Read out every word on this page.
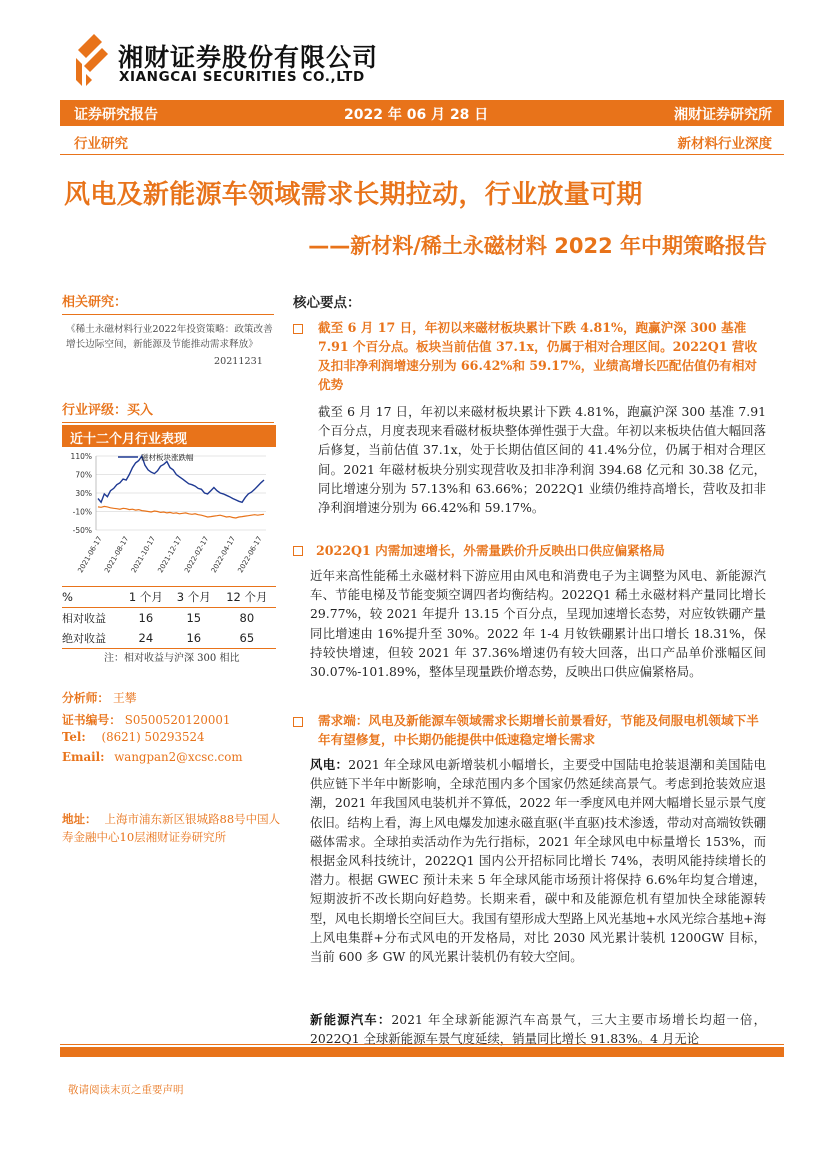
湘财证券股份有限公司
XIANGCAI SECURITIES CO.,LTD
证券研究报告	2022 年 06 月 28 日	湘财证券研究所
行业研究	新材料行业深度
风电及新能源车领域需求长期拉动，行业放量可期
——新材料/稀土永磁材料 2022 年中期策略报告
相关研究：
《稀土永磁材料行业2022年投资策略：政策改善增长边际空间，新能源及节能推动需求释放》
20211231
行业评级：买入
近十二个月行业表现
110%
70%
30%
-10%
-50%
2021-06-17 2021-08-17 2021-10-17 2021-12-17 2022-02-17 2022-04-17 2022-06-17
磁材板块涨跌幅
%	1 个月	3 个月	12 个月
相对收益	16	15	80
绝对收益	24	16	65
注：相对收益与沪深 300 相比
分析师： 王攀
证书编号： S0500520120001
Tel: (8621) 50293524
Email: wangpan2@xcsc.com
地址： 上海市浦东新区银城路88号中国人寿金融中心10层湘财证券研究所
核心要点：
截至 6 月 17 日，年初以来磁材板块累计下跌 4.81%，跑赢沪深 300 基准 7.91 个百分点。板块当前估值 37.1x，仍属于相对合理区间。2022Q1 营收及扣非净利润增速分别为 66.42%和 59.17%，业绩高增长匹配估值仍有相对优势
截至 6 月 17 日，年初以来磁材板块累计下跌 4.81%，跑赢沪深 300 基准 7.91 个百分点，月度表现来看磁材板块整体弹性强于大盘。年初以来板块估值大幅回落后修复，当前估值 37.1x，处于长期估值区间的 41.4%分位，仍属于相对合理区间。2021 年磁材板块分别实现营收及扣非净利润 394.68 亿元和 30.38 亿元，同比增速分别为 57.13%和 63.66%；2022Q1 业绩仍维持高增长，营收及扣非净利润增速分别为 66.42%和 59.17%。
2022Q1 内需加速增长，外需量跌价升反映出口供应偏紧格局
近年来高性能稀土永磁材料下游应用由风电和消费电子为主调整为风电、新能源汽车、节能电梯及节能变频空调四者均衡结构。2022Q1 稀土永磁材料产量同比增长 29.77%，较 2021 年提升 13.15 个百分点，呈现加速增长态势，对应钕铁硼产量同比增速由 16%提升至 30%。2022 年 1-4 月钕铁硼累计出口增长 18.31%，保持较快增速，但较 2021 年 37.36%增速仍有较大回落，出口产品单价涨幅区间 30.07%-101.89%，整体呈现量跌价增态势，反映出口供应偏紧格局。
需求端：风电及新能源车领域需求长期增长前景看好，节能及伺服电机领域下半年有望修复，中长期仍能提供中低速稳定增长需求
风电：2021 年全球风电新增装机小幅增长，主要受中国陆电抢装退潮和美国陆电供应链下半年中断影响，全球范围内多个国家仍然延续高景气。考虑到抢装效应退潮，2021 年我国风电装机并不算低，2022 年一季度风电并网大幅增长显示景气度依旧。结构上看，海上风电爆发加速永磁直驱(半直驱)技术渗透，带动对高端钕铁硼磁体需求。全球拍卖活动作为先行指标，2021 年全球风电中标量增长 153%，而根据金风科技统计，2022Q1 国内公开招标同比增长 74%，表明风能持续增长的潜力。根据 GWEC 预计未来 5 年全球风能市场预计将保持 6.6%年均复合增速，短期波折不改长期向好趋势。长期来看，碳中和及能源危机有望加快全球能源转型，风电长期增长空间巨大。我国有望形成大型路上风光基地+水风光综合基地+海上风电集群+分布式风电的开发格局，对比 2030 风光累计装机 1200GW 目标，当前 600 多 GW 的风光累计装机仍有较大空间。
新能源汽车：2021 年全球新能源汽车高景气，三大主要市场增长均超一倍，2022Q1 全球新能源车景气度延续，销量同比增长 91.83%。4 月无论
敬请阅读末页之重要声明
